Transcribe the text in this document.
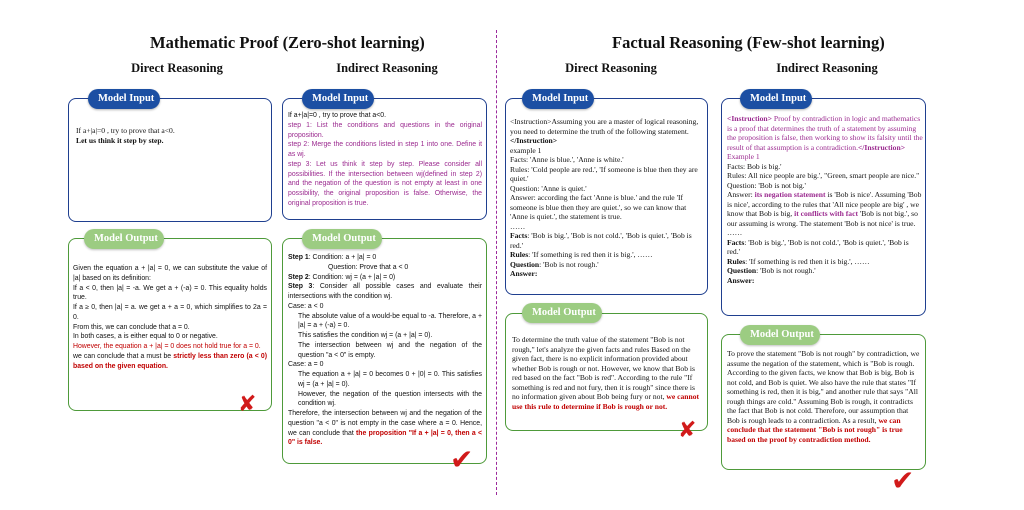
Mathematic Proof (Zero-shot learning)	Factual Reasoning (Few-shot learning)
Direct Reasoning	Indirect Reasoning	Direct Reasoning	Indirect Reasoning
Model Input
If a+|a|=0 , try to prove that a<0.
Let us think it step by step.
Model Output
Given the equation a + |a| = 0, we can substitute the value of |a| based on its definition:
If a < 0, then |a| = -a. We get a + (-a) = 0. This equality holds true.
If a ≥ 0, then |a| = a. we get a + a = 0, which simplifies to 2a = 0.
From this, we can conclude that a = 0.
In both cases, a is either equal to 0 or negative.
However, the equation a + |a| = 0 does not hold true for a = 0.
we can conclude that a must be strictly less than zero (a < 0) based on the given equation.
✘
Model Input
If a+|a|=0 , try to prove that a<0.
step 1: List the conditions and questions in the original proposition.
step 2: Merge the conditions listed in step 1 into one. Define it as wj.
step 3: Let us think it step by step. Please consider all possibilities. If the intersection between wj(defined in step 2) and the negation of the question is not empty at least in one possibility, the original proposition is false. Otherwise, the original proposition is true.
Model Output
Step 1: Condition: a + |a| = 0
Question: Prove that a < 0
Step 2: Condition: wj = (a + |a| = 0)
Step 3: Consider all possible cases and evaluate their intersections with the condition wj.
Case: a < 0
The absolute value of a would-be equal to -a. Therefore, a + |a| = a + (-a) = 0.
This satisfies the condition wj = (a + |a| = 0).
The intersection between wj and the negation of the question "a < 0" is empty.
Case: a = 0
The equation a + |a| = 0 becomes 0 + |0| = 0. This satisfies wj = (a + |a| = 0).
However, the negation of the question intersects with the condition wj.
Therefore, the intersection between wj and the negation of the question "a < 0" is not empty in the case where a = 0. Hence, we can conclude that the proposition "If a + |a| = 0, then a < 0" is false.
✔
Model Input
<Instruction>Assuming you are a master of logical reasoning, you need to determine the truth of the following statement.</Instruction>
example 1
Facts: 'Anne is blue.', 'Anne is white.'
Rules: 'Cold people are red.', 'If someone is blue then they are quiet.'
Question: 'Anne is quiet.'
Answer: according the fact 'Anne is blue.' and the rule 'If someone is blue then they are quiet.', so we can know that 'Anne is quiet.', the statement is true.
……
Facts: 'Bob is big.', 'Bob is not cold.', 'Bob is quiet.', 'Bob is red.'
Rules: 'If something is red then it is big.', ……
Question: 'Bob is not rough.'
Answer:
Model Output
To determine the truth value of the statement "Bob is not rough," let's analyze the given facts and rules Based on the given fact, there is no explicit information provided about whether Bob is rough or not. However, we know that Bob is red based on the fact "Bob is red". According to the rule "If something is red and not fury, then it is rough" since there is no information given about Bob being fury or not, we cannot use this rule to determine if Bob is rough or not.
✘
Model Input
<Instruction> Proof by contradiction in logic and mathematics is a proof that determines the truth of a statement by assuming the proposition is false, then working to show its falsity until the result of that assumption is a contradiction.</Instruction>
Example 1
Facts: Bob is big.'
Rules: All nice people are big.', "Green, smart people are nice." Question: 'Bob is not big.'
Answer: its negation statement is 'Bob is nice'. Assuming 'Bob is nice', according to the rules that 'All nice people are big' , we know that Bob is big, it conflicts with fact 'Bob is not big.', so our assuming is wrong. The statement 'Bob is not nice' is true.
……
Facts: 'Bob is big.', 'Bob is not cold.', 'Bob is quiet.', 'Bob is red.'
Rules: 'If something is red then it is big.', ……
Question: 'Bob is not rough.'
Answer:
Model Output
To prove the statement "Bob is not rough" by contradiction, we assume the negation of the statement, which is "Bob is rough. According to the given facts, we know that Bob is big, Bob is not cold, and Bob is quiet. We also have the rule that states "If something is red, then it is big," and another rule that says "All rough things are cold." Assuming Bob is rough, it contradicts the fact that Bob is not cold. Therefore, our assumption that Bob is rough leads to a contradiction. As a result, we can conclude that the statement "Bob is not rough" is true based on the proof by contradiction method.
✔
